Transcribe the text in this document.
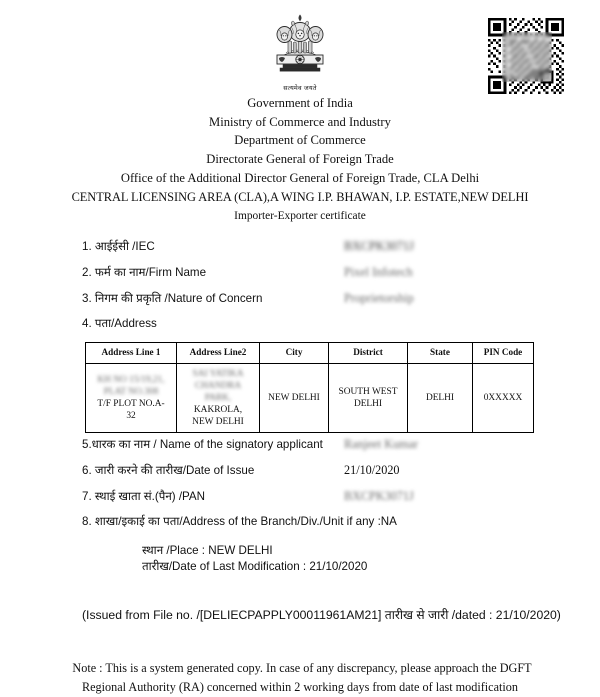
सत्यमेव जयते
Government of India
Ministry of Commerce and Industry
Department of Commerce
Directorate General of Foreign Trade
Office of the Additional Director General of Foreign Trade, CLA Delhi
CENTRAL LICENSING AREA (CLA),A WING I.P. BHAWAN, I.P. ESTATE,NEW DELHI
Importer-Exporter certificate
1. आईईसी /IEC	BXCPK3071J
2. फर्म का नाम/Firm Name	Pixel Infotech
3. निगम की प्रकृति /Nature of Concern	Proprietorship
4. पता/Address
Address Line 1	Address Line2	City	District	State	PIN Code

KH NO 15/19,21,
PLAT NO.308
T/F PLOT NO.A-
32	SAI YATIKA
CHANDRA
PARK,
KAKROLA,
NEW DELHI	NEW DELHI	SOUTH WEST DELHI	DELHI	0XXXXX
5.धारक का नाम / Name of the signatory applicant	Ranjeet Kumar
6. जारी करने की तारीख/Date of Issue	21/10/2020
7. स्थाई खाता सं.(पैन) /PAN	BXCPK3071J
8. शाखा/इकाई का पता/Address of the Branch/Div./Unit if any :NA
स्थान /Place : NEW DELHI
तारीख/Date of Last Modification : 21/10/2020
(Issued from File no. /[DELIECPAPPLY00011961AM21] तारीख से जारी /dated : 21/10/2020)
Note : This is a system generated copy. In case of any discrepancy, please approach the DGFT
Regional Authority (RA) concerned within 2 working days from date of last modification
